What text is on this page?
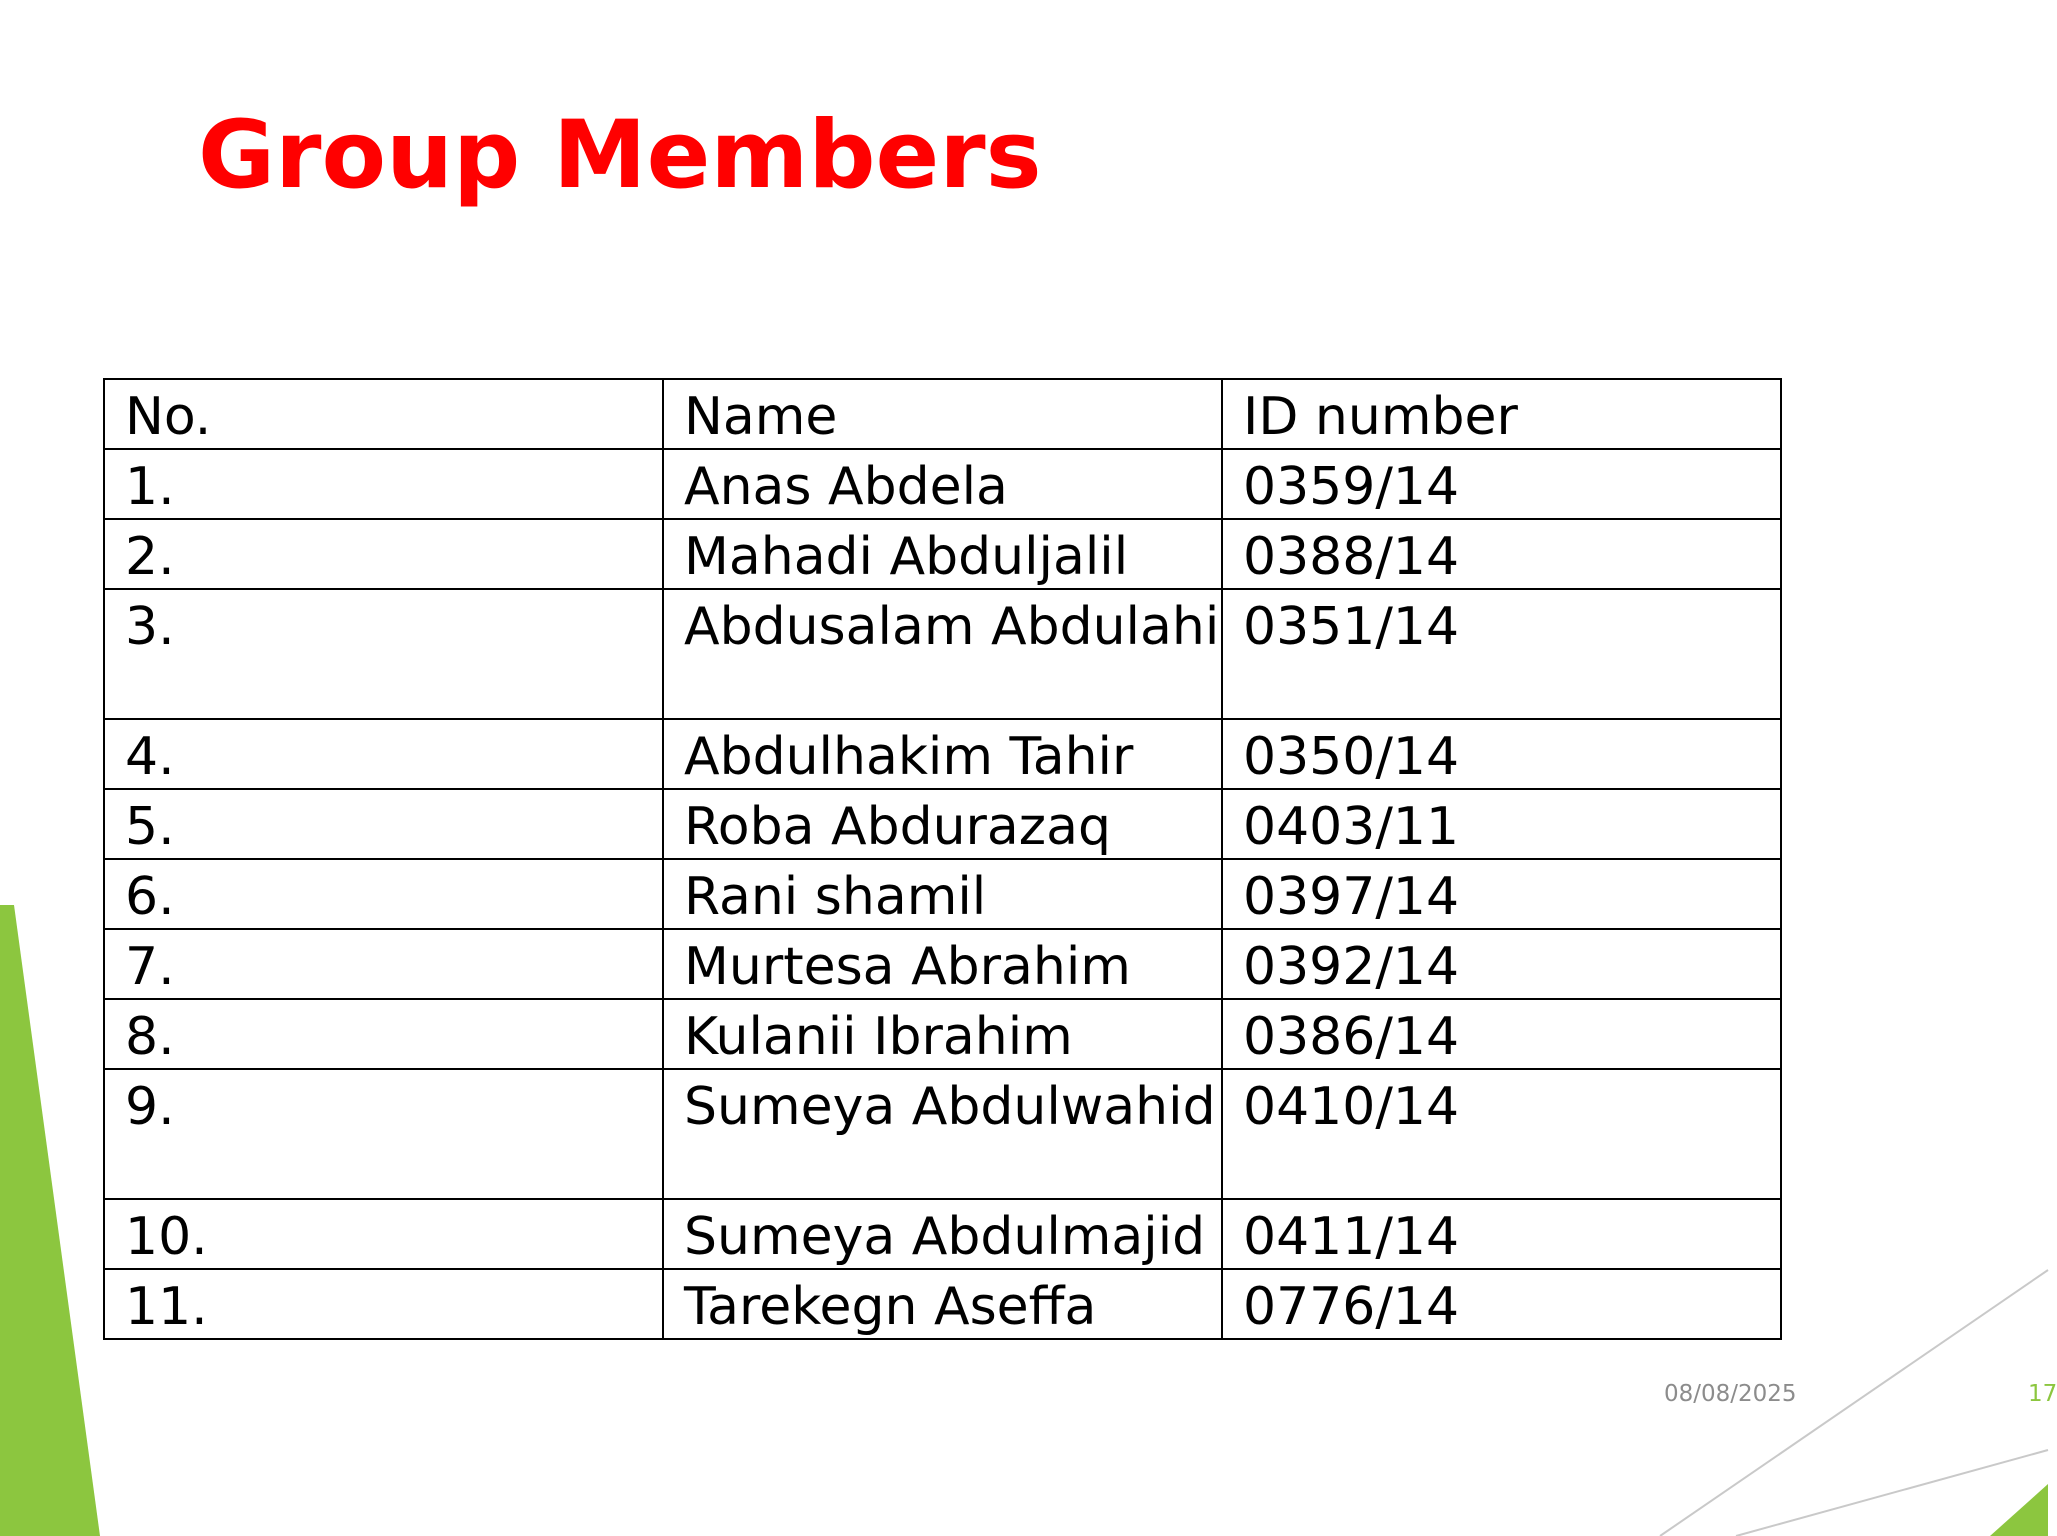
Group Members
No.	Name	ID number
1.	Anas Abdela	0359/14
2.	Mahadi Abduljalil	0388/14
3.	Abdusalam Abdulahi	0351/14
4.	Abdulhakim Tahir	0350/14
5.	Roba Abdurazaq	0403/11
6.	Rani shamil	0397/14
7.	Murtesa Abrahim	0392/14
8.	Kulanii Ibrahim	0386/14
9.	Sumeya Abdulwahid	0410/14
10.	Sumeya Abdulmajid	0411/14
11.	Tarekegn Aseffa	0776/14
08/08/2025	17
